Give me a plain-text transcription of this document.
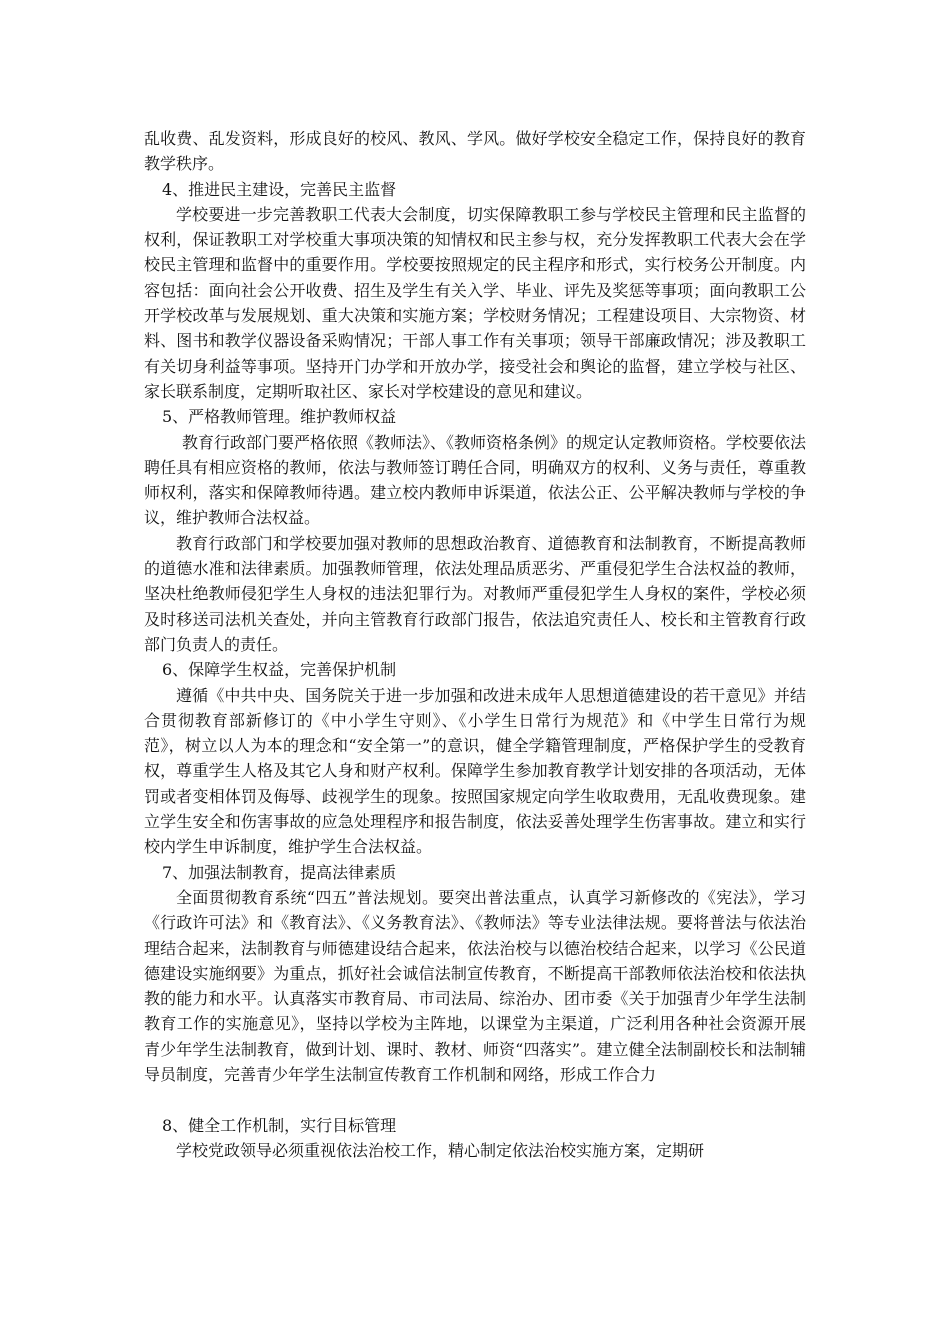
乱收费、乱发资料，形成良好的校风、教风、学风。做好学校安全稳定工作，保持良好的教育教学秩序。

4、推进民主建设，完善民主监督

学校要进一步完善教职工代表大会制度，切实保障教职工参与学校民主管理和民主监督的权利，保证教职工对学校重大事项决策的知情权和民主参与权，充分发挥教职工代表大会在学校民主管理和监督中的重要作用。学校要按照规定的民主程序和形式，实行校务公开制度。内容包括：面向社会公开收费、招生及学生有关入学、毕业、评先及奖惩等事项；面向教职工公开学校改革与发展规划、重大决策和实施方案；学校财务情况；工程建设项目、大宗物资、材料、图书和教学仪器设备采购情况；干部人事工作有关事项；领导干部廉政情况；涉及教职工有关切身利益等事项。坚持开门办学和开放办学，接受社会和舆论的监督，建立学校与社区、家长联系制度，定期听取社区、家长对学校建设的意见和建议。

5、严格教师管理。维护教师权益

教育行政部门要严格依照《教师法》、《教师资格条例》的规定认定教师资格。学校要依法聘任具有相应资格的教师，依法与教师签订聘任合同，明确双方的权利、义务与责任，尊重教师权利，落实和保障教师待遇。建立校内教师申诉渠道，依法公正、公平解决教师与学校的争议，维护教师合法权益。

教育行政部门和学校要加强对教师的思想政治教育、道德教育和法制教育，不断提高教师的道德水准和法律素质。加强教师管理，依法处理品质恶劣、严重侵犯学生合法权益的教师，坚决杜绝教师侵犯学生人身权的违法犯罪行为。对教师严重侵犯学生人身权的案件，学校必须及时移送司法机关查处，并向主管教育行政部门报告，依法追究责任人、校长和主管教育行政部门负责人的责任。

6、保障学生权益，完善保护机制

遵循《中共中央、国务院关于进一步加强和改进未成年人思想道德建设的若干意见》并结合贯彻教育部新修订的《中小学生守则》、《小学生日常行为规范》和《中学生日常行为规范》，树立以人为本的理念和“安全第一”的意识，健全学籍管理制度，严格保护学生的受教育权，尊重学生人格及其它人身和财产权利。保障学生参加教育教学计划安排的各项活动，无体罚或者变相体罚及侮辱、歧视学生的现象。按照国家规定向学生收取费用，无乱收费现象。建立学生安全和伤害事故的应急处理程序和报告制度，依法妥善处理学生伤害事故。建立和实行校内学生申诉制度，维护学生合法权益。

7、加强法制教育，提高法律素质

全面贯彻教育系统“四五”普法规划。要突出普法重点，认真学习新修改的《宪法》，学习《行政许可法》和《教育法》、《义务教育法》、《教师法》等专业法律法规。要将普法与依法治理结合起来，法制教育与师德建设结合起来，依法治校与以德治校结合起来，以学习《公民道德建设实施纲要》为重点，抓好社会诚信法制宣传教育，不断提高干部教师依法治校和依法执教的能力和水平。认真落实市教育局、市司法局、综治办、团市委《关于加强青少年学生法制教育工作的实施意见》，坚持以学校为主阵地，以课堂为主渠道，广泛利用各种社会资源开展青少年学生法制教育，做到计划、课时、教材、师资“四落实”。建立健全法制副校长和法制辅导员制度，完善青少年学生法制宣传教育工作机制和网络，形成工作合力

8、健全工作机制，实行目标管理

学校党政领导必须重视依法治校工作，精心制定依法治校实施方案，定期研
